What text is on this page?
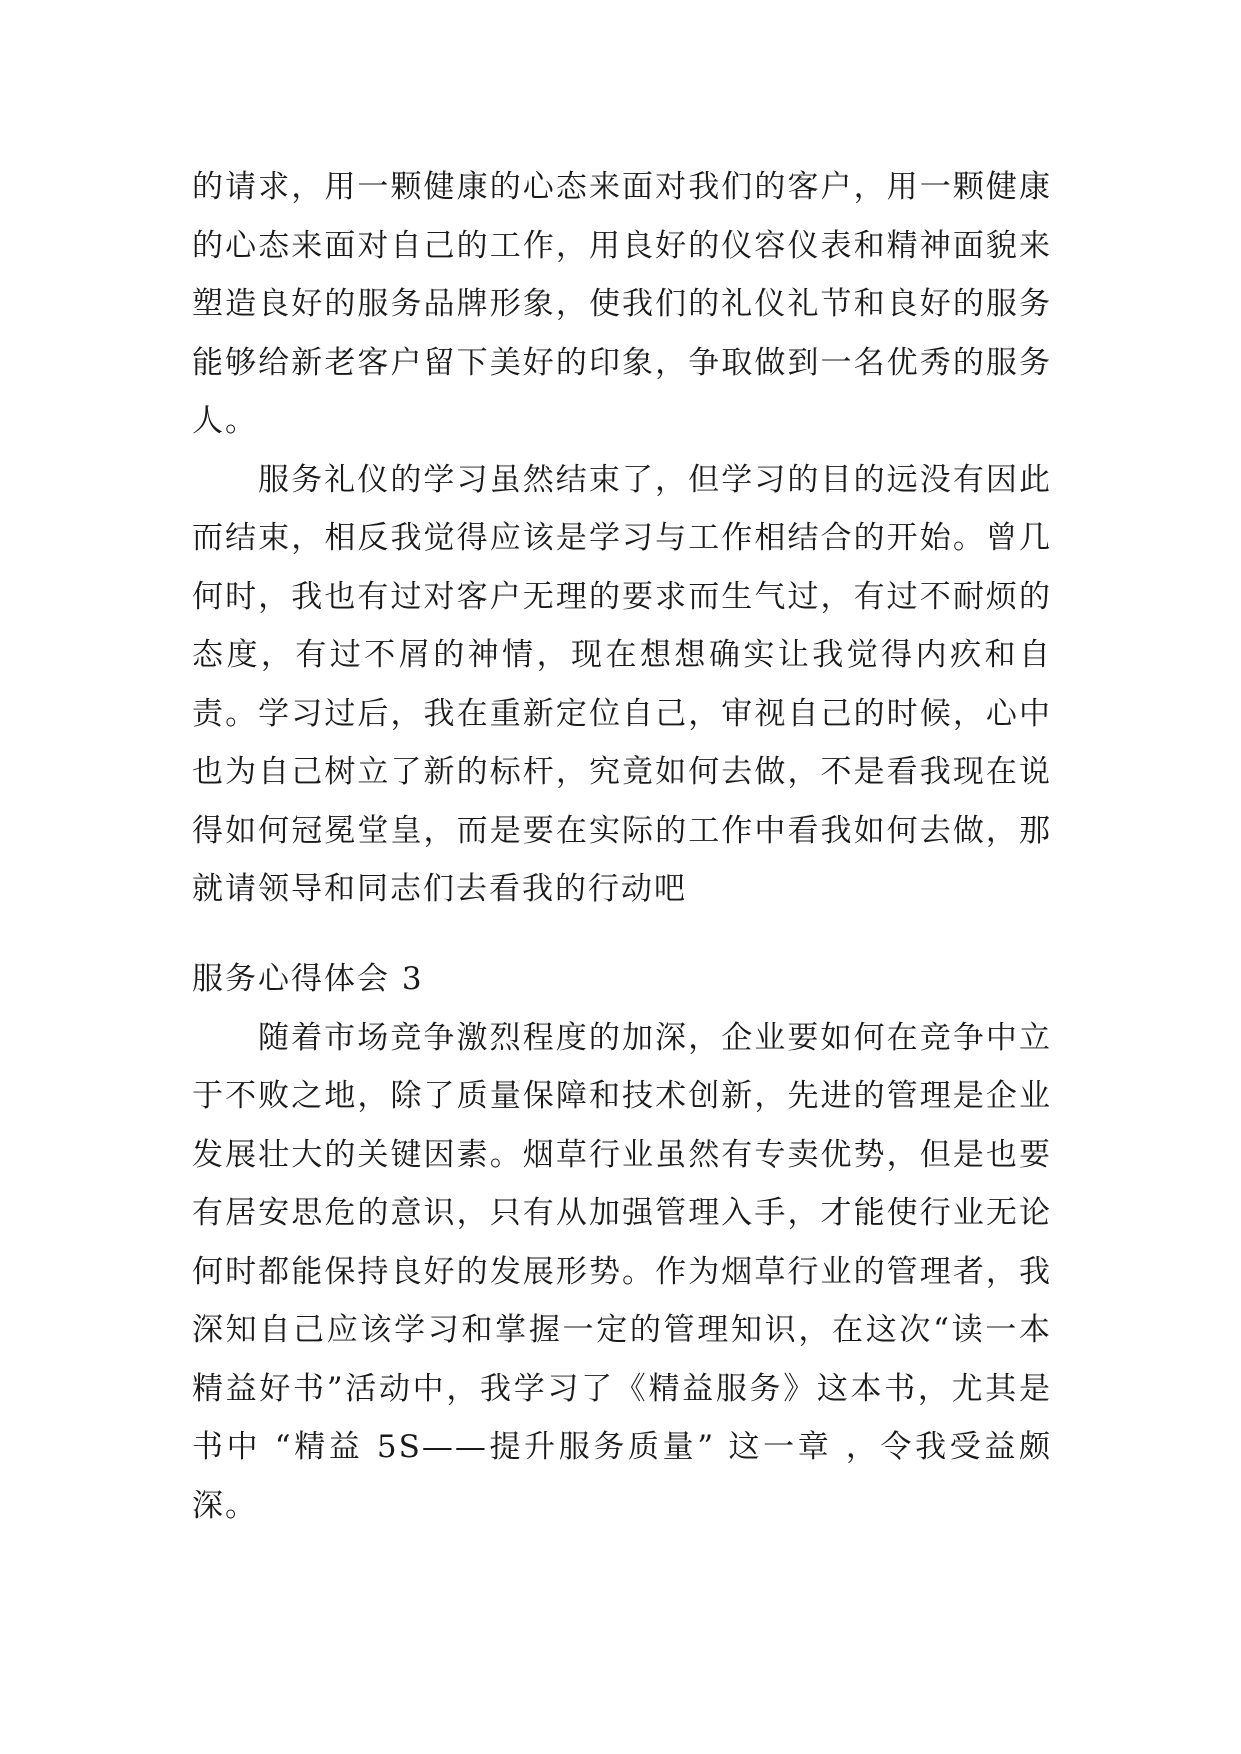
的请求，用一颗健康的心态来面对我们的客户，用一颗健康的心态来面对自己的工作，用良好的仪容仪表和精神面貌来塑造良好的服务品牌形象，使我们的礼仪礼节和良好的服务能够给新老客户留下美好的印象，争取做到一名优秀的服务人。

服务礼仪的学习虽然结束了，但学习的目的远没有因此而结束，相反我觉得应该是学习与工作相结合的开始。曾几何时，我也有过对客户无理的要求而生气过，有过不耐烦的态度，有过不屑的神情，现在想想确实让我觉得内疚和自责。学习过后，我在重新定位自己，审视自己的时候，心中也为自己树立了新的标杆，究竟如何去做，不是看我现在说得如何冠冕堂皇，而是要在实际的工作中看我如何去做，那就请领导和同志们去看我的行动吧

服务心得体会 3

随着市场竞争激烈程度的加深，企业要如何在竞争中立于不败之地，除了质量保障和技术创新，先进的管理是企业发展壮大的关键因素。烟草行业虽然有专卖优势，但是也要有居安思危的意识，只有从加强管理入手，才能使行业无论何时都能保持良好的发展形势。作为烟草行业的管理者，我深知自己应该学习和掌握一定的管理知识，在这次“读一本精益好书”活动中，我学习了《精益服务》这本书，尤其是书中 “精益 5S——提升服务质量” 这一章 ，令我受益颇深。
